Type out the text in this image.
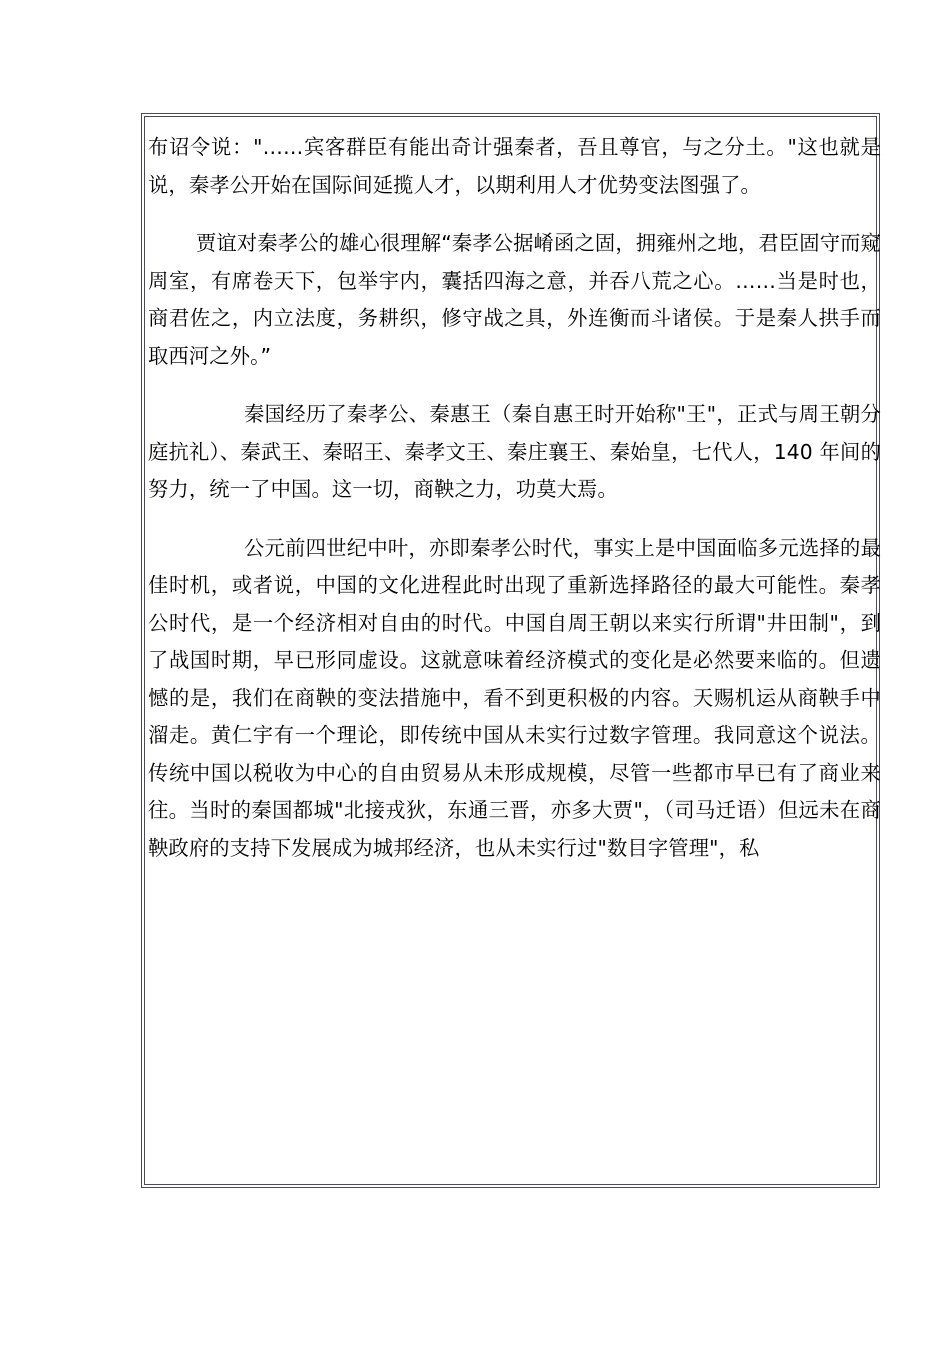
布诏令说："……宾客群臣有能出奇计强秦者，吾且尊官，与之分土。"这也就是说，秦孝公开始在国际间延揽人才，以期利用人才优势变法图强了。

贾谊对秦孝公的雄心很理解“秦孝公据崤函之固，拥雍州之地，君臣固守而窥周室，有席卷天下，包举宇内，囊括四海之意，并吞八荒之心。……当是时也，商君佐之，内立法度，务耕织，修守战之具，外连衡而斗诸侯。于是秦人拱手而取西河之外。”

秦国经历了秦孝公、秦惠王（秦自惠王时开始称"王"，正式与周王朝分庭抗礼）、秦武王、秦昭王、秦孝文王、秦庄襄王、秦始皇，七代人，140 年间的努力，统一了中国。这一切，商鞅之力，功莫大焉。

公元前四世纪中叶，亦即秦孝公时代，事实上是中国面临多元选择的最佳时机，或者说，中国的文化进程此时出现了重新选择路径的最大可能性。秦孝公时代，是一个经济相对自由的时代。中国自周王朝以来实行所谓"井田制"，到了战国时期，早已形同虚设。这就意味着经济模式的变化是必然要来临的。但遗憾的是，我们在商鞅的变法措施中，看不到更积极的内容。天赐机运从商鞅手中溜走。黄仁宇有一个理论，即传统中国从未实行过数字管理。我同意这个说法。传统中国以税收为中心的自由贸易从未形成规模，尽管一些都市早已有了商业来往。当时的秦国都城"北接戎狄，东通三晋，亦多大贾"，（司马迁语）但远未在商鞅政府的支持下发展成为城邦经济，也从未实行过"数目字管理"，私
